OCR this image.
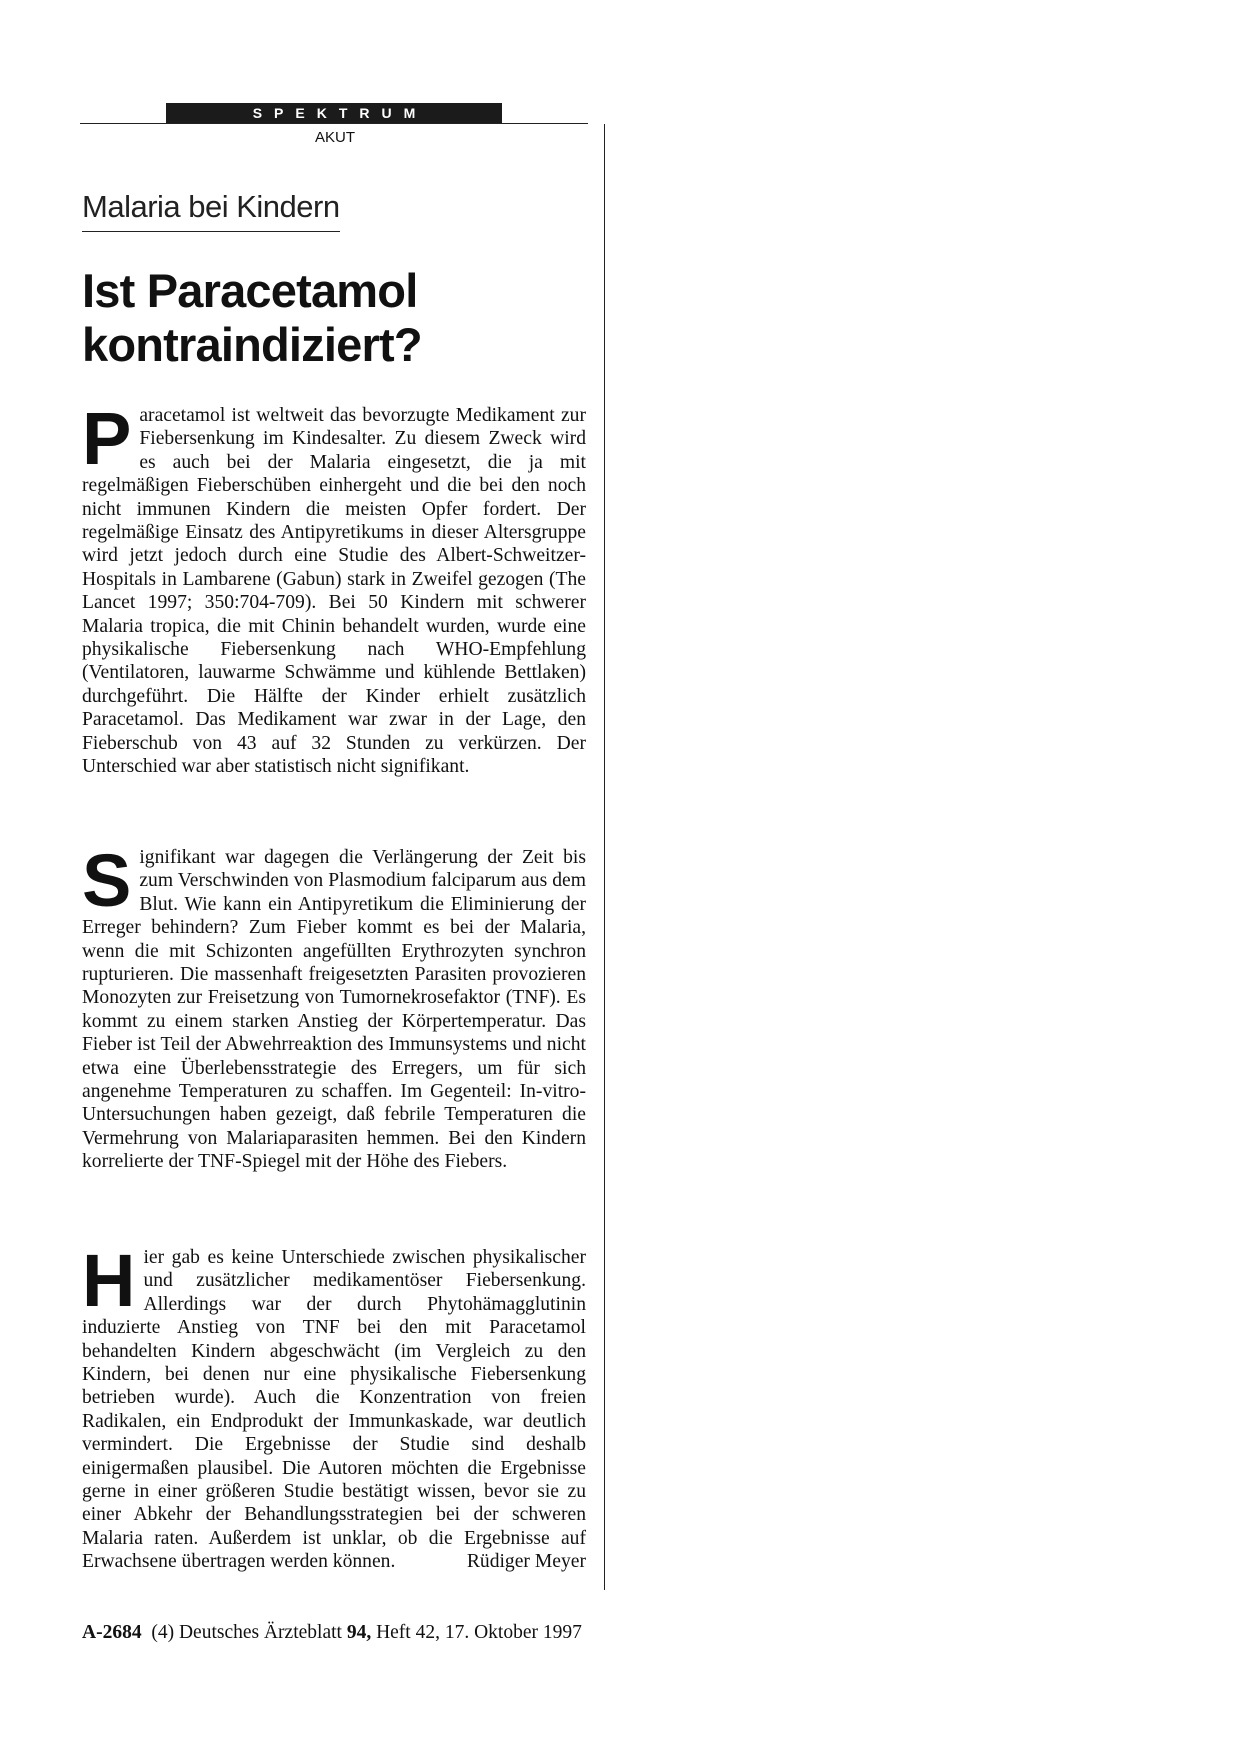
SPEKTRUM
AKUT
Malaria bei Kindern
Ist Paracetamol kontraindiziert?

Paracetamol ist weltweit das bevorzugte Medikament zur Fiebersenkung im Kindesalter. Zu diesem Zweck wird es auch bei der Malaria eingesetzt, die ja mit regelmäßigen Fieberschüben einhergeht und die bei den noch nicht immunen Kindern die meisten Opfer fordert. Der regelmäßige Einsatz des Antipyretikums in dieser Altersgruppe wird jetzt jedoch durch eine Studie des Albert-Schweitzer-Hospitals in Lambarene (Gabun) stark in Zweifel gezogen (The Lancet 1997; 350:704-709). Bei 50 Kindern mit schwerer Malaria tropica, die mit Chinin behandelt wurden, wurde eine physikalische Fiebersenkung nach WHO-Empfehlung (Ventilatoren, lauwarme Schwämme und kühlende Bettlaken) durchgeführt. Die Hälfte der Kinder erhielt zusätzlich Paracetamol. Das Medikament war zwar in der Lage, den Fieberschub von 43 auf 32 Stunden zu verkürzen. Der Unterschied war aber statistisch nicht signifikant.

Signifikant war dagegen die Verlängerung der Zeit bis zum Verschwinden von Plasmodium falciparum aus dem Blut. Wie kann ein Antipyretikum die Eliminierung der Erreger behindern? Zum Fieber kommt es bei der Malaria, wenn die mit Schizonten angefüllten Erythrozyten synchron rupturieren. Die massenhaft freigesetzten Parasiten provozieren Monozyten zur Freisetzung von Tumornekrosefaktor (TNF). Es kommt zu einem starken Anstieg der Körpertemperatur. Das Fieber ist Teil der Abwehrreaktion des Immunsystems und nicht etwa eine Überlebensstrategie des Erregers, um für sich angenehme Temperaturen zu schaffen. Im Gegenteil: In-vitro-Untersuchungen haben gezeigt, daß febrile Temperaturen die Vermehrung von Malariaparasiten hemmen. Bei den Kindern korrelierte der TNF-Spiegel mit der Höhe des Fiebers.

Hier gab es keine Unterschiede zwischen physikalischer und zusätzlicher medikamentöser Fiebersenkung. Allerdings war der durch Phytohämagglutinin induzierte Anstieg von TNF bei den mit Paracetamol behandelten Kindern abgeschwächt (im Vergleich zu den Kindern, bei denen nur eine physikalische Fiebersenkung betrieben wurde). Auch die Konzentration von freien Radikalen, ein Endprodukt der Immunkaskade, war deutlich vermindert. Die Ergebnisse der Studie sind deshalb einigermaßen plausibel. Die Autoren möchten die Ergebnisse gerne in einer größeren Studie bestätigt wissen, bevor sie zu einer Abkehr der Behandlungsstrategien bei der schweren Malaria raten. Außerdem ist unklar, ob die Ergebnisse auf Erwachsene übertragen werden können.	Rüdiger Meyer

A-2684 (4) Deutsches Ärzteblatt 94, Heft 42, 17. Oktober 1997
